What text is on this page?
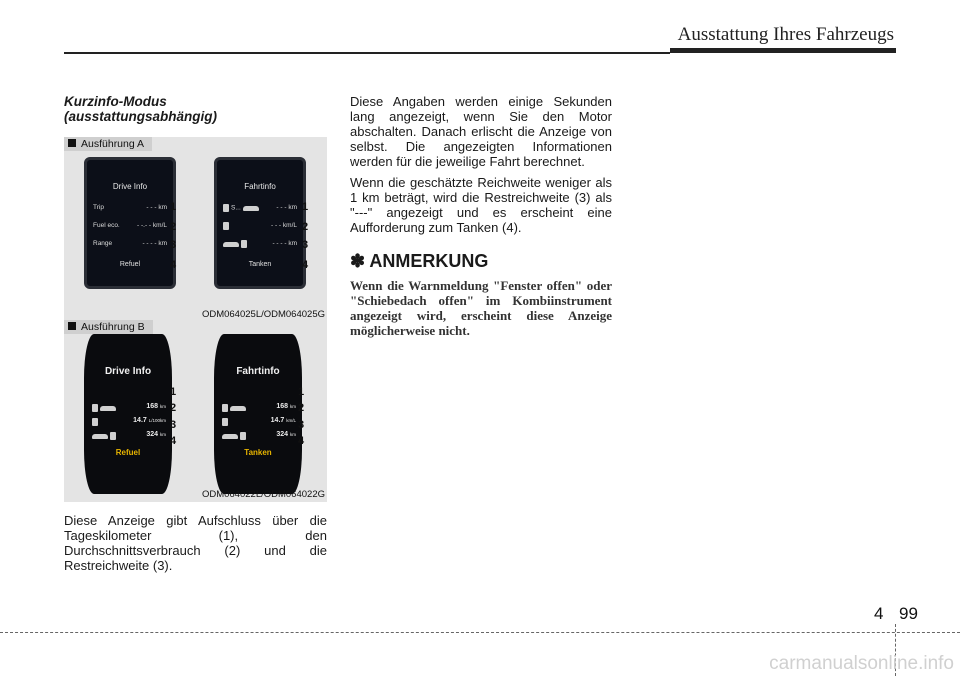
Ausstattung Ihres Fahrzeugs
Kurzinfo-Modus
(ausstattungsabhängig)
Ausführung A
Drive Info
Trip	- - - km
Fuel eco.	- -.- - km/L
Range	- - - - km
Refuel
Fahrtinfo
S...	- - - km
- - - km/L
- - - - km
Tanken
1
2
3
4
1
2
3
4
ODM064025L/ODM064025G
Ausführung B
Drive Info
168 km
14.7 L/100km
324 km
Refuel
Fahrtinfo
168 km
14.7 km/L
324 km
Tanken
1
2
3
4
1
2
3
4
ODM064022L/ODM064022G

Diese Anzeige gibt Aufschluss über die Tageskilometer (1), den Durchschnittsverbrauch (2) und die Restreichweite (3).

Diese Angaben werden einige Sekunden lang angezeigt, wenn Sie den Motor abschalten. Danach erlischt die Anzeige von selbst. Die angezeigten Informationen werden für die jeweilige Fahrt berechnet.

Wenn die geschätzte Reichweite weniger als 1 km beträgt, wird die Restreichweite (3) als "---" angezeigt und es erscheint eine Aufforderung zum Tanken (4).

✽ ANMERKUNG

Wenn die Warnmeldung "Fenster offen" oder "Schiebedach offen" im Kombiinstrument angezeigt wird, erscheint diese Anzeige möglicherweise nicht.

4 99
carmanualsonline.info
